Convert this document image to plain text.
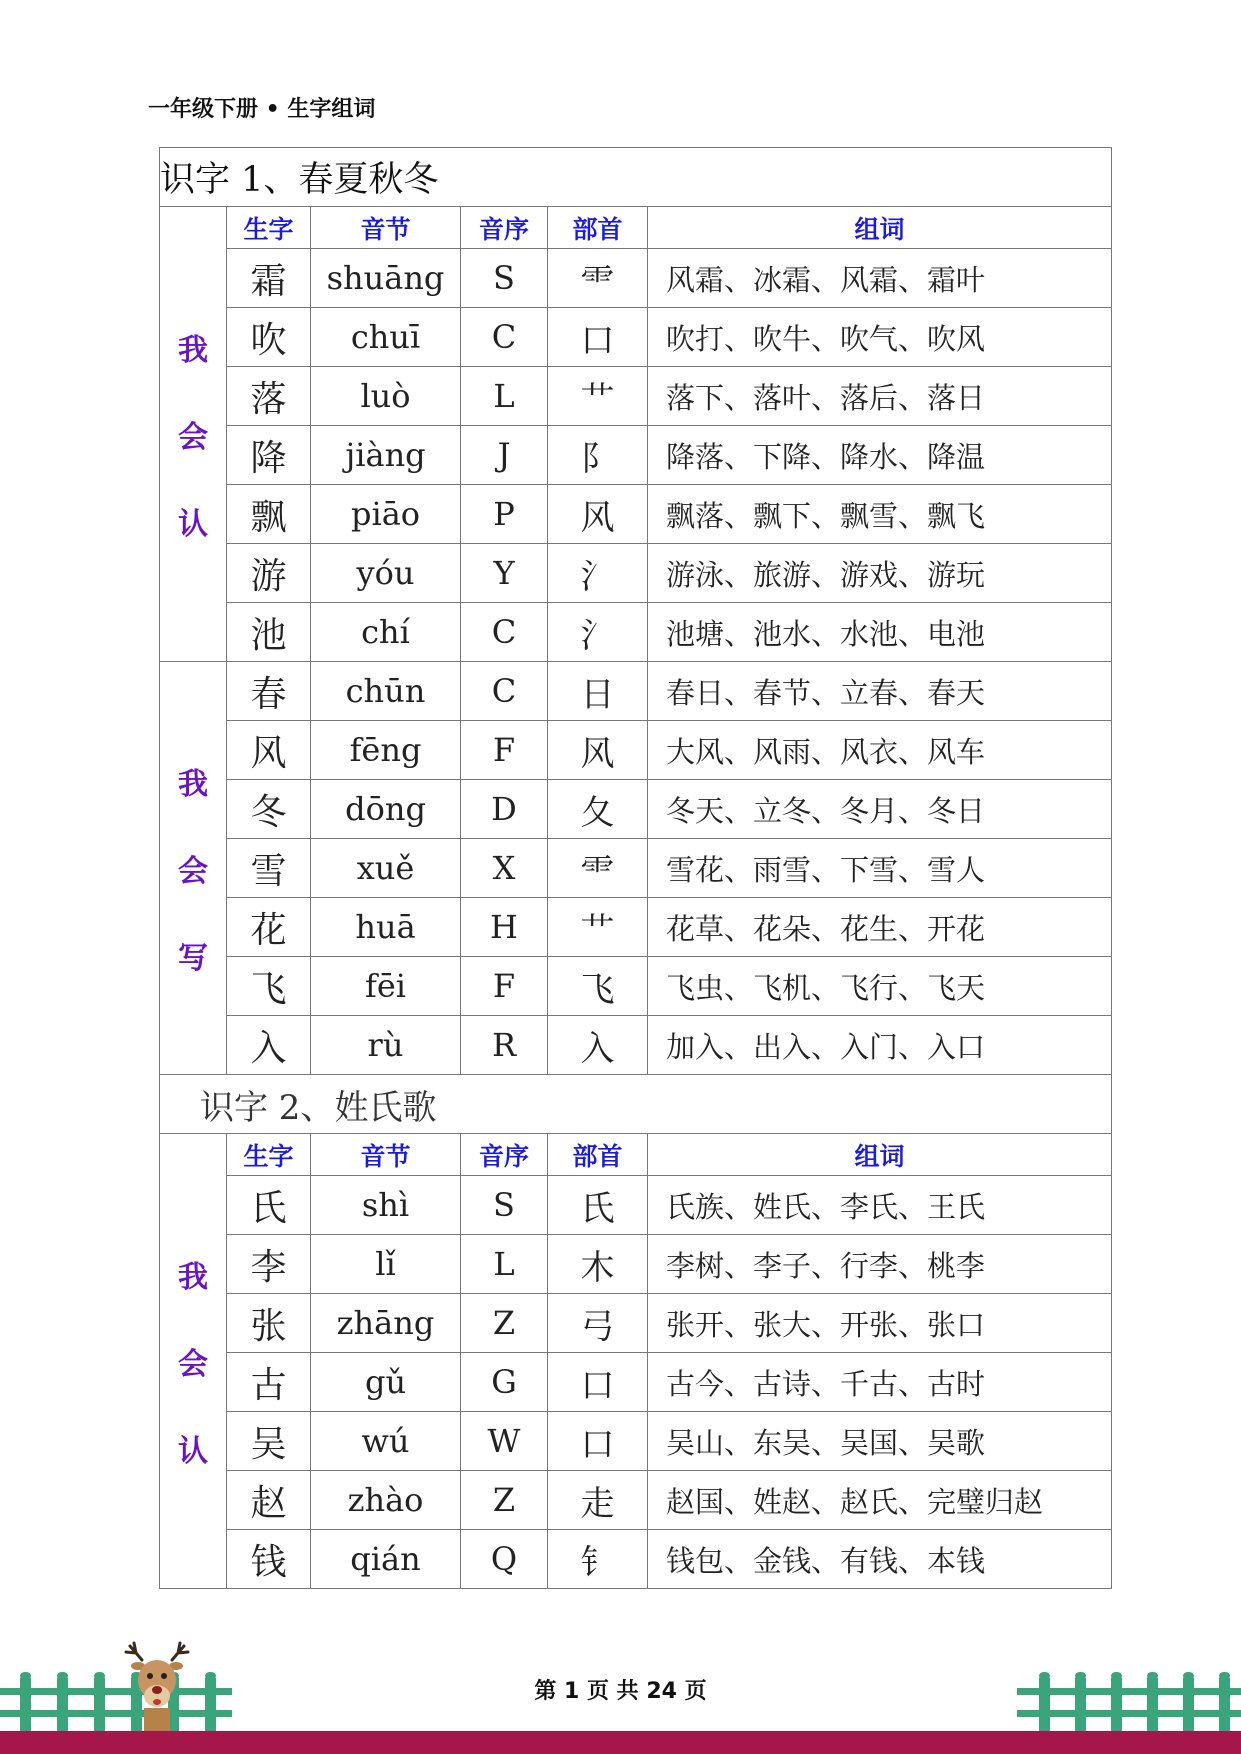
一年级下册 • 生字组词
识字 1、春夏秋冬					

我
会
认	生字	音节	音序	部首	组词
	霜	shuāng	S	⻗	风霜、冰霜、风霜、霜叶
	吹	chuī	C	口	吹打、吹牛、吹气、吹风
	落	luò	L	艹	落下、落叶、落后、落日
	降	jiàng	J	阝	降落、下降、降水、降温
	飘	piāo	P	风	飘落、飘下、飘雪、飘飞
	游	yóu	Y	氵	游泳、旅游、游戏、游玩
	池	chí	C	氵	池塘、池水、水池、电池

我
会
写	春	chūn	C	日	春日、春节、立春、春天
	风	fēng	F	风	大风、风雨、风衣、风车
	冬	dōng	D	夂	冬天、立冬、冬月、冬日
	雪	xuě	X	⻗	雪花、雨雪、下雪、雪人
	花	huā	H	艹	花草、花朵、花生、开花
	飞	fēi	F	飞	飞虫、飞机、飞行、飞天
	入	rù	R	入	加入、出入、入门、入口
识字 2、姓氏歌					

我
会
认	生字	音节	音序	部首	组词
	氏	shì	S	氏	氏族、姓氏、李氏、王氏
	李	lǐ	L	木	李树、李子、行李、桃李
	张	zhāng	Z	弓	张开、张大、开张、张口
	古	gǔ	G	口	古今、古诗、千古、古时
	吴	wú	W	口	吴山、东吴、吴国、吴歌
	赵	zhào	Z	走	赵国、姓赵、赵氏、完璧归赵
	钱	qián	Q	钅	钱包、金钱、有钱、本钱
第 1 页 共 24 页
